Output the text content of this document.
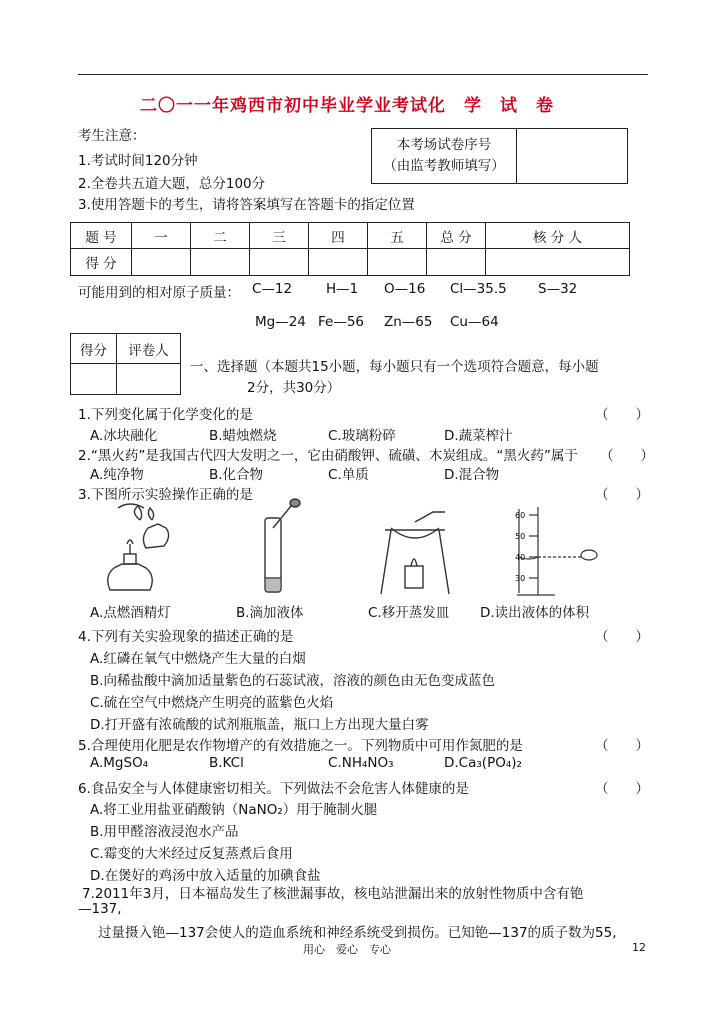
二〇一一年鸡西市初中毕业学业考试化　学　试　卷
考生注意：
1.考试时间120分钟
2.全卷共五道大题，总分100分
3.使用答题卡的考生，请将答案填写在答题卡的指定位置
本考场试卷序号
（由监考教师填写）

题 号	一	二	三	四	五	总 分	核 分 人
得 分							
可能用到的相对原子质量： C—12	H—1 O—16 Cl—35.5 S—32
Mg—24 Fe—56 Zn—65 Cu—64
得分	评卷人

一、选择题（本题共15小题，每小题只有一个选项符合题意，每小题
2分，共30分）
1.下列变化属于化学变化的是	（　　）
A.冰块融化	B.蜡烛燃烧	C.玻璃粉碎	D.蔬菜榨汁
2.“黑火药”是我国古代四大发明之一，它由硝酸钾、硫磺、木炭组成。“黑火药”属于 （　　）
A.纯净物	B.化合物	C.单质	D.混合物
3.下图所示实验操作正确的是	（　　）
60
50
40
30
A.点燃酒精灯	B.滴加液体	C.移开蒸发皿 D.读出液体的体积
4.下列有关实验现象的描述正确的是	（　　）
A.红磷在氧气中燃烧产生大量的白烟
B.向稀盐酸中滴加适量紫色的石蕊试液，溶液的颜色由无色变成蓝色
C.硫在空气中燃烧产生明亮的蓝紫色火焰
D.打开盛有浓硫酸的试剂瓶瓶盖，瓶口上方出现大量白雾
5.合理使用化肥是农作物增产的有效措施之一。下列物质中可用作氮肥的是	（　　）
A.MgSO₄	B.KCl	C.NH₄NO₃	D.Ca₃(PO₄)₂
6.食品安全与人体健康密切相关。下列做法不会危害人体健康的是	（　　）
A.将工业用盐亚硝酸钠（NaNO₂）用于腌制火腿
B.用甲醛溶液浸泡水产品
C.霉变的大米经过反复蒸煮后食用
D.在煲好的鸡汤中放入适量的加碘食盐
7.2011年3月，日本福岛发生了核泄漏事故，核电站泄漏出来的放射性物质中含有铯
—137,
过量摄入铯—137会使人的造血系统和神经系统受到损伤。已知铯—137的质子数为55,
用心　爱心　专心	12
